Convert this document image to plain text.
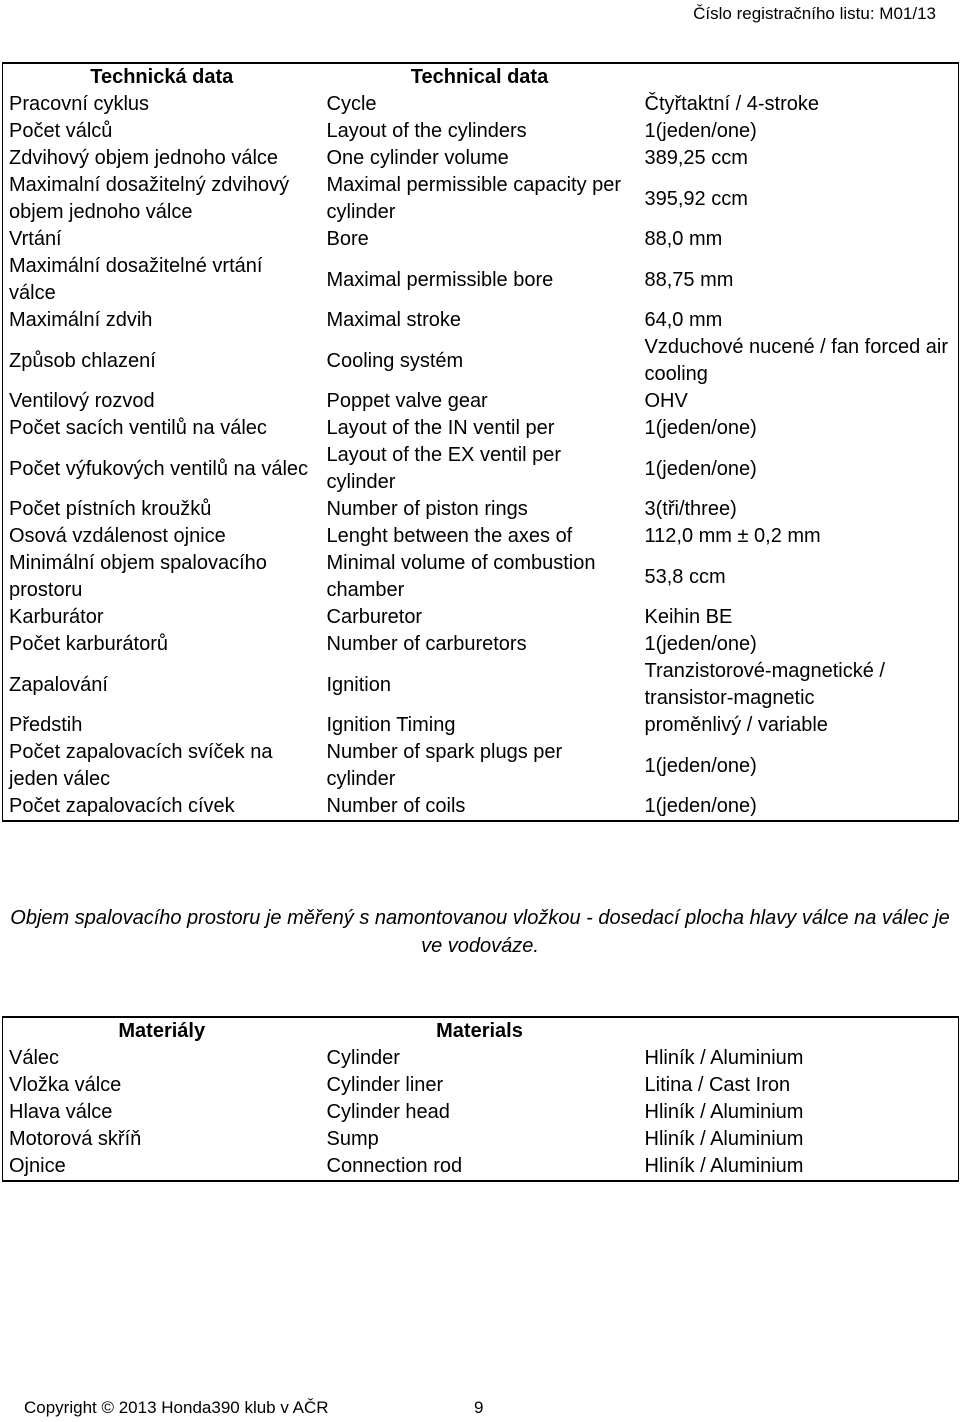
Číslo registračního listu: M01/13
Technická data	Technical data	
Pracovní cyklus	Cycle	Čtyřtaktní / 4-stroke
Počet válců	Layout of the cylinders	1(jeden/one)
Zdvihový objem jednoho válce	One cylinder volume	389,25 ccm
Maximalní dosažitelný zdvihový objem jednoho válce	Maximal permissible capacity per cylinder	395,92 ccm
Vrtání	Bore	88,0 mm
Maximální dosažitelné vrtání válce	Maximal permissible bore	88,75 mm
Maximální zdvih	Maximal stroke	64,0 mm
Způsob chlazení	Cooling systém	Vzduchové nucené / fan forced air cooling
Ventilový rozvod	Poppet valve gear	OHV
Počet sacích ventilů na válec	Layout of the IN ventil per	1(jeden/one)
Počet výfukových ventilů na válec	Layout of the EX ventil per cylinder	1(jeden/one)
Počet pístních kroužků	Number of piston rings	3(tři/three)
Osová vzdálenost ojnice	Lenght between the axes of	112,0 mm ± 0,2 mm
Minimální objem spalovacího prostoru	Minimal volume of combustion chamber	53,8 ccm
Karburátor	Carburetor	Keihin BE
Počet karburátorů	Number of carburetors	1(jeden/one)
Zapalování	Ignition	Tranzistorové-magnetické / transistor-magnetic
Předstih	Ignition Timing	proměnlivý / variable
Počet zapalovacích svíček na jeden válec	Number of spark plugs per cylinder	1(jeden/one)
Počet zapalovacích cívek	Number of coils	1(jeden/one)
Objem spalovacího prostoru je měřený s namontovanou vložkou - dosedací plocha hlavy válce na válec je ve vodováze.
Materiály	Materials	
Válec	Cylinder	Hliník / Aluminium
Vložka válce	Cylinder liner	Litina / Cast Iron
Hlava válce	Cylinder head	Hliník / Aluminium
Motorová skříň	Sump	Hliník / Aluminium
Ojnice	Connection rod	Hliník / Aluminium
Copyright © 2013 Honda390 klub v AČR	9
